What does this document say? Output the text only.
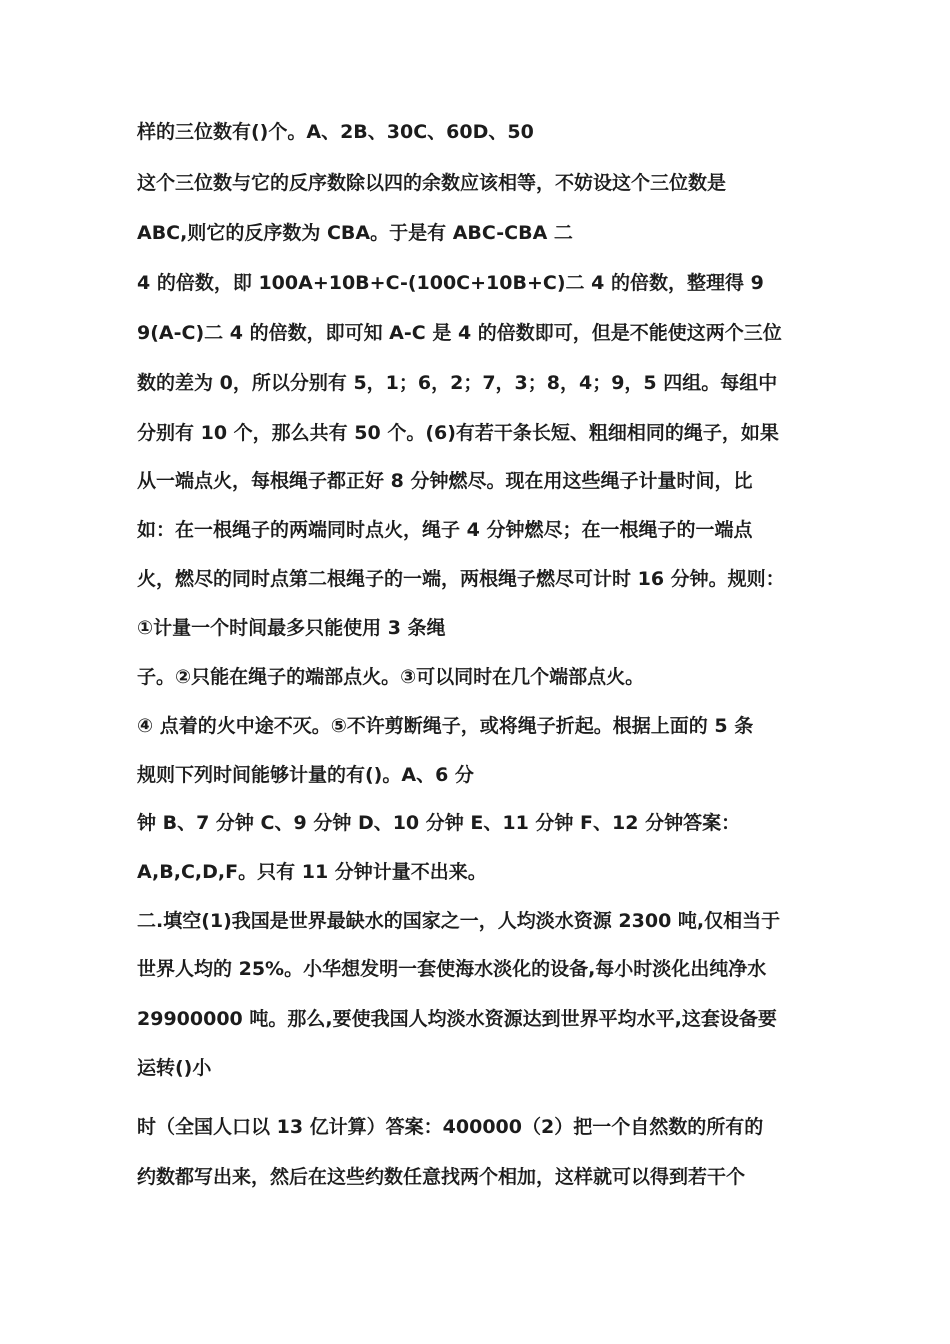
样的三位数有()个。A、2B、30C、60D、50
这个三位数与它的反序数除以四的余数应该相等，不妨设这个三位数是
ABC,则它的反序数为 CBA。于是有 ABC-CBA 二
4 的倍数，即 100A+10B+C-(100C+10B+C)二 4 的倍数，整理得 9
9(A-C)二 4 的倍数，即可知 A-C 是 4 的倍数即可，但是不能使这两个三位
数的差为 0，所以分别有 5，1；6，2；7，3；8，4；9，5 四组。每组中
分别有 10 个，那么共有 50 个。(6)有若干条长短、粗细相同的绳子，如果
从一端点火，每根绳子都正好 8 分钟燃尽。现在用这些绳子计量时间，比
如：在一根绳子的两端同时点火，绳子 4 分钟燃尽；在一根绳子的一端点
火，燃尽的同时点第二根绳子的一端，两根绳子燃尽可计时 16 分钟。规则：
①计量一个时间最多只能使用 3 条绳
子。②只能在绳子的端部点火。③可以同时在几个端部点火。
④ 点着的火中途不灭。⑤不许剪断绳子，或将绳子折起。根据上面的 5 条
规则下列时间能够计量的有()。A、6 分
钟 B、7 分钟 C、9 分钟 D、10 分钟 E、11 分钟 F、12 分钟答案：
A,B,C,D,F。只有 11 分钟计量不出来。
二.填空(1)我国是世界最缺水的国家之一，人均淡水资源 2300 吨,仅相当于
世界人均的 25%。小华想发明一套使海水淡化的设备,每小时淡化出纯净水
29900000 吨。那么,要使我国人均淡水资源达到世界平均水平,这套设备要
运转()小
时（全国人口以 13 亿计算）答案：400000（2）把一个自然数的所有的
约数都写出来，然后在这些约数任意找两个相加，这样就可以得到若干个
